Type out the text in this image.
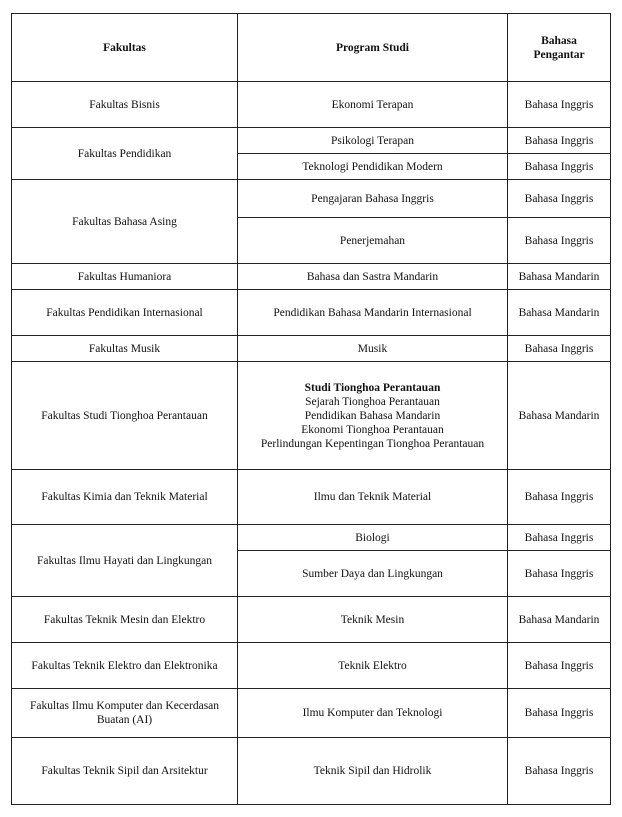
Fakultas	Program Studi	Bahasa Pengantar
Fakultas Bisnis	Ekonomi Terapan	Bahasa Inggris
Fakultas Pendidikan	Psikologi Terapan	Bahasa Inggris
	Teknologi Pendidikan Modern	Bahasa Inggris
Fakultas Bahasa Asing	Pengajaran Bahasa Inggris	Bahasa Inggris
	Penerjemahan	Bahasa Inggris
Fakultas Humaniora	Bahasa dan Sastra Mandarin	Bahasa Mandarin
Fakultas Pendidikan Internasional	Pendidikan Bahasa Mandarin Internasional	Bahasa Mandarin
Fakultas Musik	Musik	Bahasa Inggris
Fakultas Studi Tionghoa Perantauan	Studi Tionghoa Perantauan
Sejarah Tionghoa Perantauan
Pendidikan Bahasa Mandarin
Ekonomi Tionghoa Perantauan
Perlindungan Kepentingan Tionghoa Perantauan	Bahasa Mandarin
Fakultas Kimia dan Teknik Material	Ilmu dan Teknik Material	Bahasa Inggris
Fakultas Ilmu Hayati dan Lingkungan	Biologi	Bahasa Inggris
	Sumber Daya dan Lingkungan	Bahasa Inggris
Fakultas Teknik Mesin dan Elektro	Teknik Mesin	Bahasa Mandarin
Fakultas Teknik Elektro dan Elektronika	Teknik Elektro	Bahasa Inggris
Fakultas Ilmu Komputer dan Kecerdasan Buatan (AI)	Ilmu Komputer dan Teknologi	Bahasa Inggris
Fakultas Teknik Sipil dan Arsitektur	Teknik Sipil dan Hidrolik	Bahasa Inggris
